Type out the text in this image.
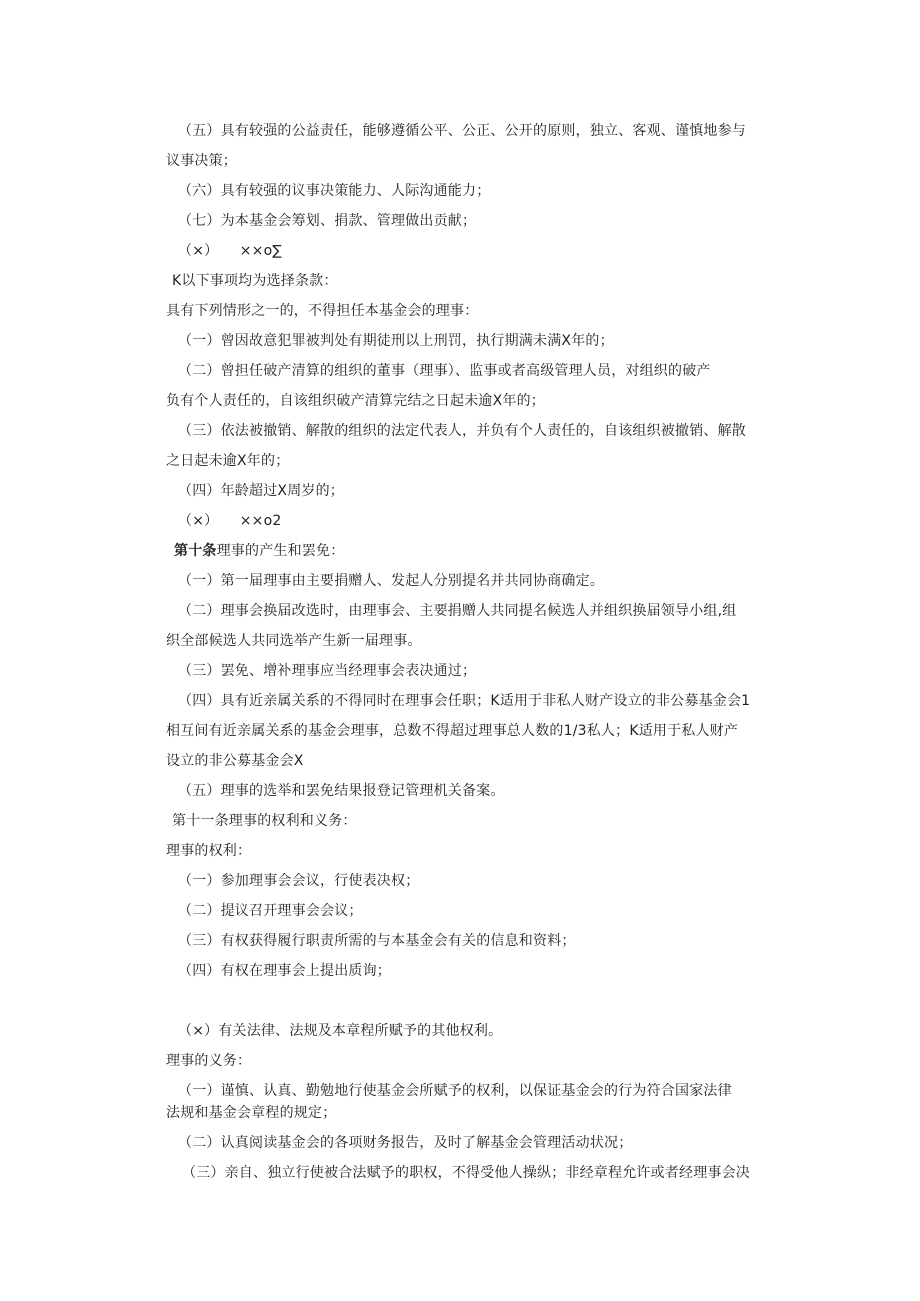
（五）具有较强的公益责任，能够遵循公平、公正、公开的原则，独立、客观、谨慎地参与
议事决策；
（六）具有较强的议事决策能力、人际沟通能力；
（七）为本基金会筹划、捐款、管理做出贡献；
（×）　　××o∑
K以下事项均为选择条款：
具有下列情形之一的，不得担任本基金会的理事：
（一）曾因故意犯罪被判处有期徒刑以上刑罚，执行期满未满X年的；
（二）曾担任破产清算的组织的董事（理事）、监事或者高级管理人员，对组织的破产
负有个人责任的，自该组织破产清算完结之日起未逾X年的；
（三）依法被撤销、解散的组织的法定代表人，并负有个人责任的，自该组织被撤销、解散
之日起未逾X年的；
（四）年龄超过X周岁的；
（×）　　××o2
第十条理事的产生和罢免：
（一）第一届理事由主要捐赠人、发起人分别提名并共同协商确定。
（二）理事会换届改选时，由理事会、主要捐赠人共同提名候选人并组织换届领导小组,组
织全部候选人共同选举产生新一届理事。
（三）罢免、增补理事应当经理事会表决通过；
（四）具有近亲属关系的不得同时在理事会任职；K适用于非私人财产设立的非公募基金会1
相互间有近亲属关系的基金会理事，总数不得超过理事总人数的1/3私人；K适用于私人财产
设立的非公募基金会X
（五）理事的选举和罢免结果报登记管理机关备案。
第十一条理事的权利和义务：
理事的权利：
（一）参加理事会会议，行使表决权；
（二）提议召开理事会会议；
（三）有权获得履行职责所需的与本基金会有关的信息和资料；
（四）有权在理事会上提出质询；
（×）有关法律、法规及本章程所赋予的其他权利。
理事的义务：
（一）谨慎、认真、勤勉地行使基金会所赋予的权利，以保证基金会的行为符合国家法律
法规和基金会章程的规定；
（二）认真阅读基金会的各项财务报告，及时了解基金会管理活动状况；
（三）亲自、独立行使被合法赋予的职权，不得受他人操纵；非经章程允许或者经理事会决
